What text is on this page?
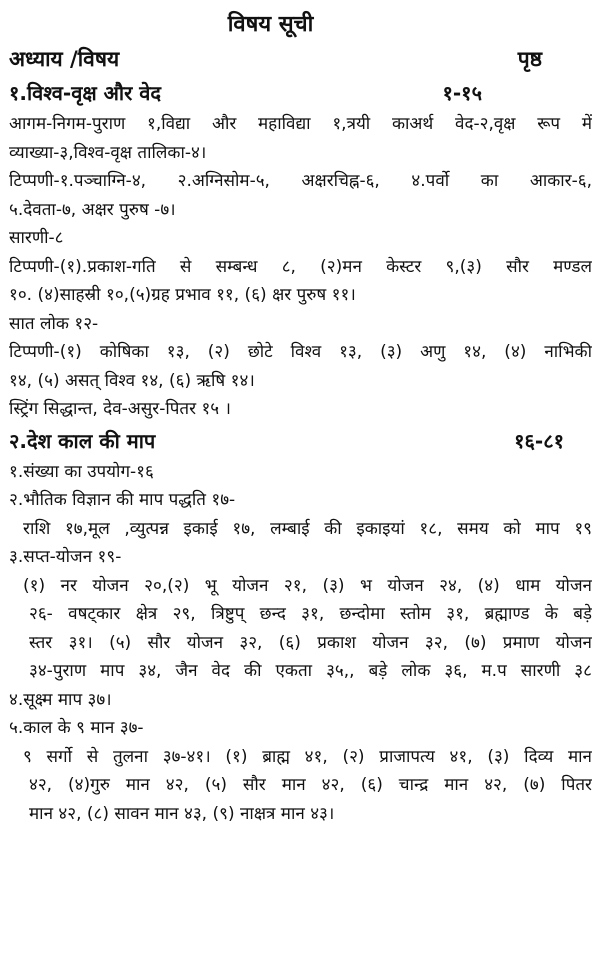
विषय सूची
अध्याय /विषय	पृष्ठ
१.विश्व-वृक्ष और वेद	१-१५
आगम-निगम-पुराण १,विद्या और महाविद्या १,त्रयी काअर्थ वेद-२,वृक्ष रूप में
व्याख्या-३,विश्व-वृक्ष तालिका-४।
टिप्पणी-१.पञ्चाग्नि-४, २.अग्निसोम-५, अक्षरचिह्न-६, ४.पर्वो का आकार-६,
५.देवता-७, अक्षर पुरुष -७।
सारणी-८
टिप्पणी-(१).प्रकाश-गति से सम्बन्ध ८, (२)मन केस्टर ९,(३) सौर मण्डल
१०. (४)साहस्री १०,(५)ग्रह प्रभाव ११, (६) क्षर पुरुष ११।
सात लोक १२-
टिप्पणी-(१) कोषिका १३, (२) छोटे विश्व १३, (३) अणु १४, (४) नाभिकी
१४, (५) असत् विश्व १४, (६) ऋषि १४।
स्ट्रिंग सिद्धान्त, देव-असुर-पितर १५ ।
२.देश काल की माप	१६-८१
१.संख्या का उपयोग-१६
२.भौतिक विज्ञान की माप पद्धति १७-
राशि १७,मूल ,व्युत्पन्न इकाई १७, लम्बाई की इकाइयां १८, समय को माप १९
३.सप्त-योजन १९-
(१) नर योजन २०,(२) भू योजन २१, (३) भ योजन २४, (४) धाम योजन
२६- वषट्कार क्षेत्र २९, त्रिष्टुप् छन्द ३१, छन्दोमा स्तोम ३१, ब्रह्माण्ड के बड़े
स्तर ३१। (५) सौर योजन ३२, (६) प्रकाश योजन ३२, (७) प्रमाण योजन
३४-पुराण माप ३४, जैन वेद की एकता ३५,, बड़े लोक ३६, म.प सारणी ३८
४.सूक्ष्म माप ३७।
५.काल के ९ मान ३७-
९ सर्गो से तुलना ३७-४१। (१) ब्राह्म ४१, (२) प्राजापत्य ४१, (३) दिव्य मान
४२, (४)गुरु मान ४२, (५) सौर मान ४२, (६) चान्द्र मान ४२, (७) पितर
मान ४२, (८) सावन मान ४३, (९) नाक्षत्र मान ४३।
